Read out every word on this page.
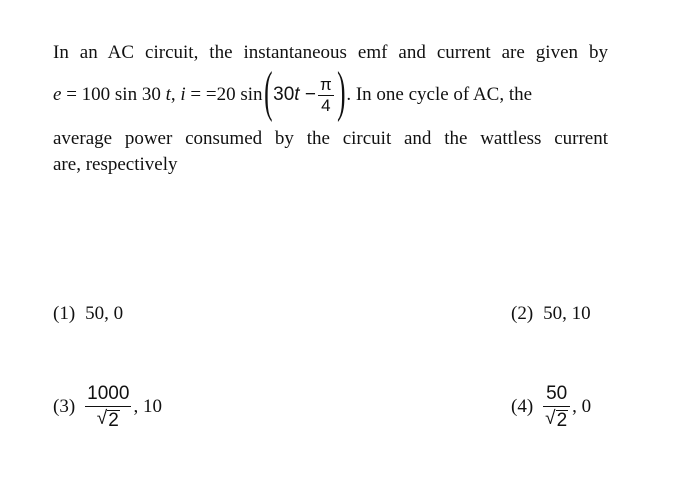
In an AC circuit, the instantaneous emf and current are given by
e = 100 sin 30 t , i = =20 sin ( 30 $t - \frac{\pi}{4}$ ) . In one cycle of AC, the
average power consumed by the circuit and the wattless current
are, respectively
(1) 50, 0	(2) 50, 10
$(3) \frac{1000}{√ 2}$ , 10	$(4) \frac{50}{√ 2}$ , 0
